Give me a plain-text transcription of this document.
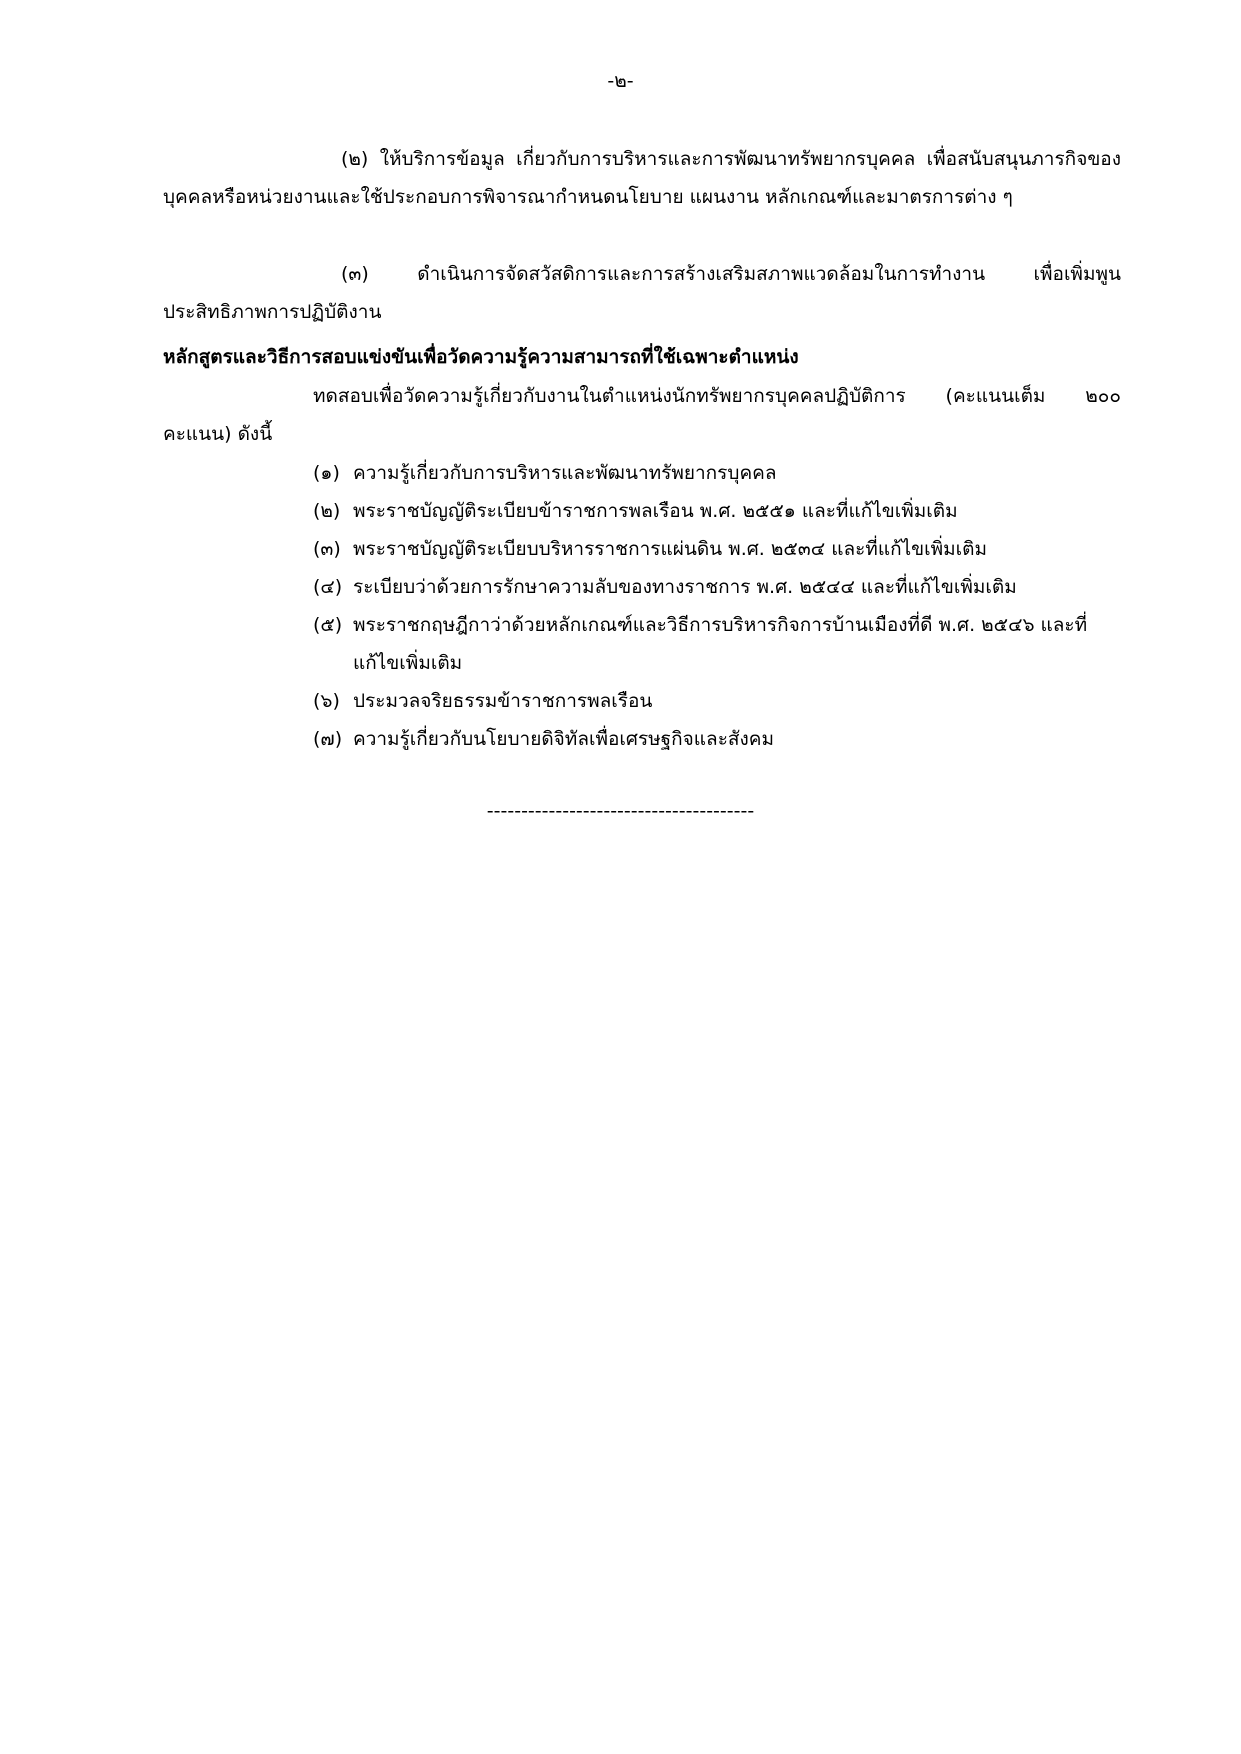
-๒-
(๒) ให้บริการข้อมูล เกี่ยวกับการบริหารและการพัฒนาทรัพยากรบุคคล เพื่อสนับสนุนภารกิจของบุคคลหรือหน่วยงานและใช้ประกอบการพิจารณากำหนดนโยบาย แผนงาน หลักเกณฑ์และมาตรการต่าง ๆ
(๓) ดำเนินการจัดสวัสดิการและการสร้างเสริมสภาพแวดล้อมในการทำงาน เพื่อเพิ่มพูนประสิทธิภาพการปฏิบัติงาน
หลักสูตรและวิธีการสอบแข่งขันเพื่อวัดความรู้ความสามารถที่ใช้เฉพาะตำแหน่ง
ทดสอบเพื่อวัดความรู้เกี่ยวกับงานในตำแหน่งนักทรัพยากรบุคคลปฏิบัติการ (คะแนนเต็ม ๒๐๐ คะแนน) ดังนี้
(๑) ความรู้เกี่ยวกับการบริหารและพัฒนาทรัพยากรบุคคล
(๒) พระราชบัญญัติระเบียบข้าราชการพลเรือน พ.ศ. ๒๕๕๑ และที่แก้ไขเพิ่มเติม
(๓) พระราชบัญญัติระเบียบบริหารราชการแผ่นดิน พ.ศ. ๒๕๓๔ และที่แก้ไขเพิ่มเติม
(๔) ระเบียบว่าด้วยการรักษาความลับของทางราชการ พ.ศ. ๒๕๔๔ และที่แก้ไขเพิ่มเติม
(๕) พระราชกฤษฎีกาว่าด้วยหลักเกณฑ์และวิธีการบริหารกิจการบ้านเมืองที่ดี พ.ศ. ๒๕๔๖ และที่แก้ไขเพิ่มเติม
(๖) ประมวลจริยธรรมข้าราชการพลเรือน
(๗) ความรู้เกี่ยวกับนโยบายดิจิทัลเพื่อเศรษฐกิจและสังคม
---------------------------------------
